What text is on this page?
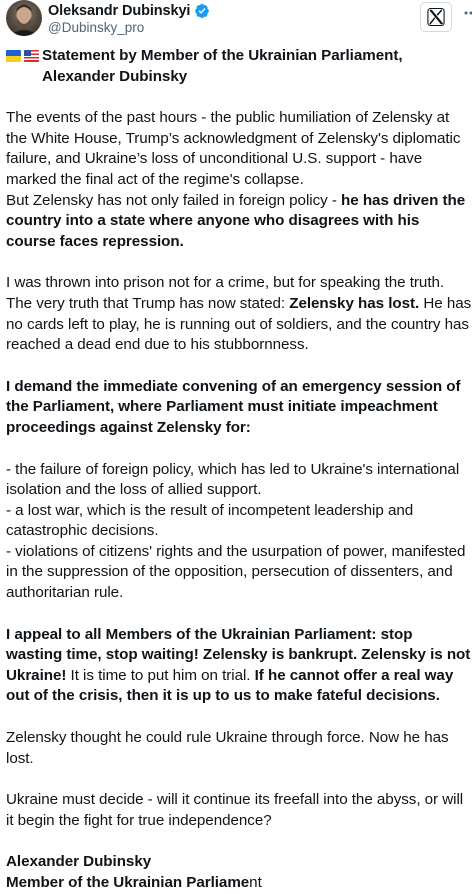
Oleksandr Dubinskyi
@Dubinsky_pro
Statement by Member of the Ukrainian Parliament, Alexander Dubinsky

The events of the past hours - the public humiliation of Zelensky at the White House, Trump’s acknowledgment of Zelensky's diplomatic failure, and Ukraine’s loss of unconditional U.S. support - have marked the final act of the regime's collapse.

But Zelensky has not only failed in foreign policy - he has driven the country into a state where anyone who disagrees with his course faces repression.

I was thrown into prison not for a crime, but for speaking the truth. The very truth that Trump has now stated: Zelensky has lost. He has no cards left to play, he is running out of soldiers, and the country has reached a dead end due to his stubbornness.

I demand the immediate convening of an emergency session of the Parliament, where Parliament must initiate impeachment proceedings against Zelensky for:

- the failure of foreign policy, which has led to Ukraine's international isolation and the loss of allied support.

- a lost war, which is the result of incompetent leadership and catastrophic decisions.

- violations of citizens' rights and the usurpation of power, manifested in the suppression of the opposition, persecution of dissenters, and authoritarian rule.

I appeal to all Members of the Ukrainian Parliament: stop wasting time, stop waiting! Zelensky is bankrupt. Zelensky is not Ukraine! It is time to put him on trial. If he cannot offer a real way out of the crisis, then it is up to us to make fateful decisions.

Zelensky thought he could rule Ukraine through force. Now he has lost.

Ukraine must decide - will it continue its freefall into the abyss, or will it begin the fight for true independence?

Alexander Dubinsky

Member of the Ukrainian Parliament
